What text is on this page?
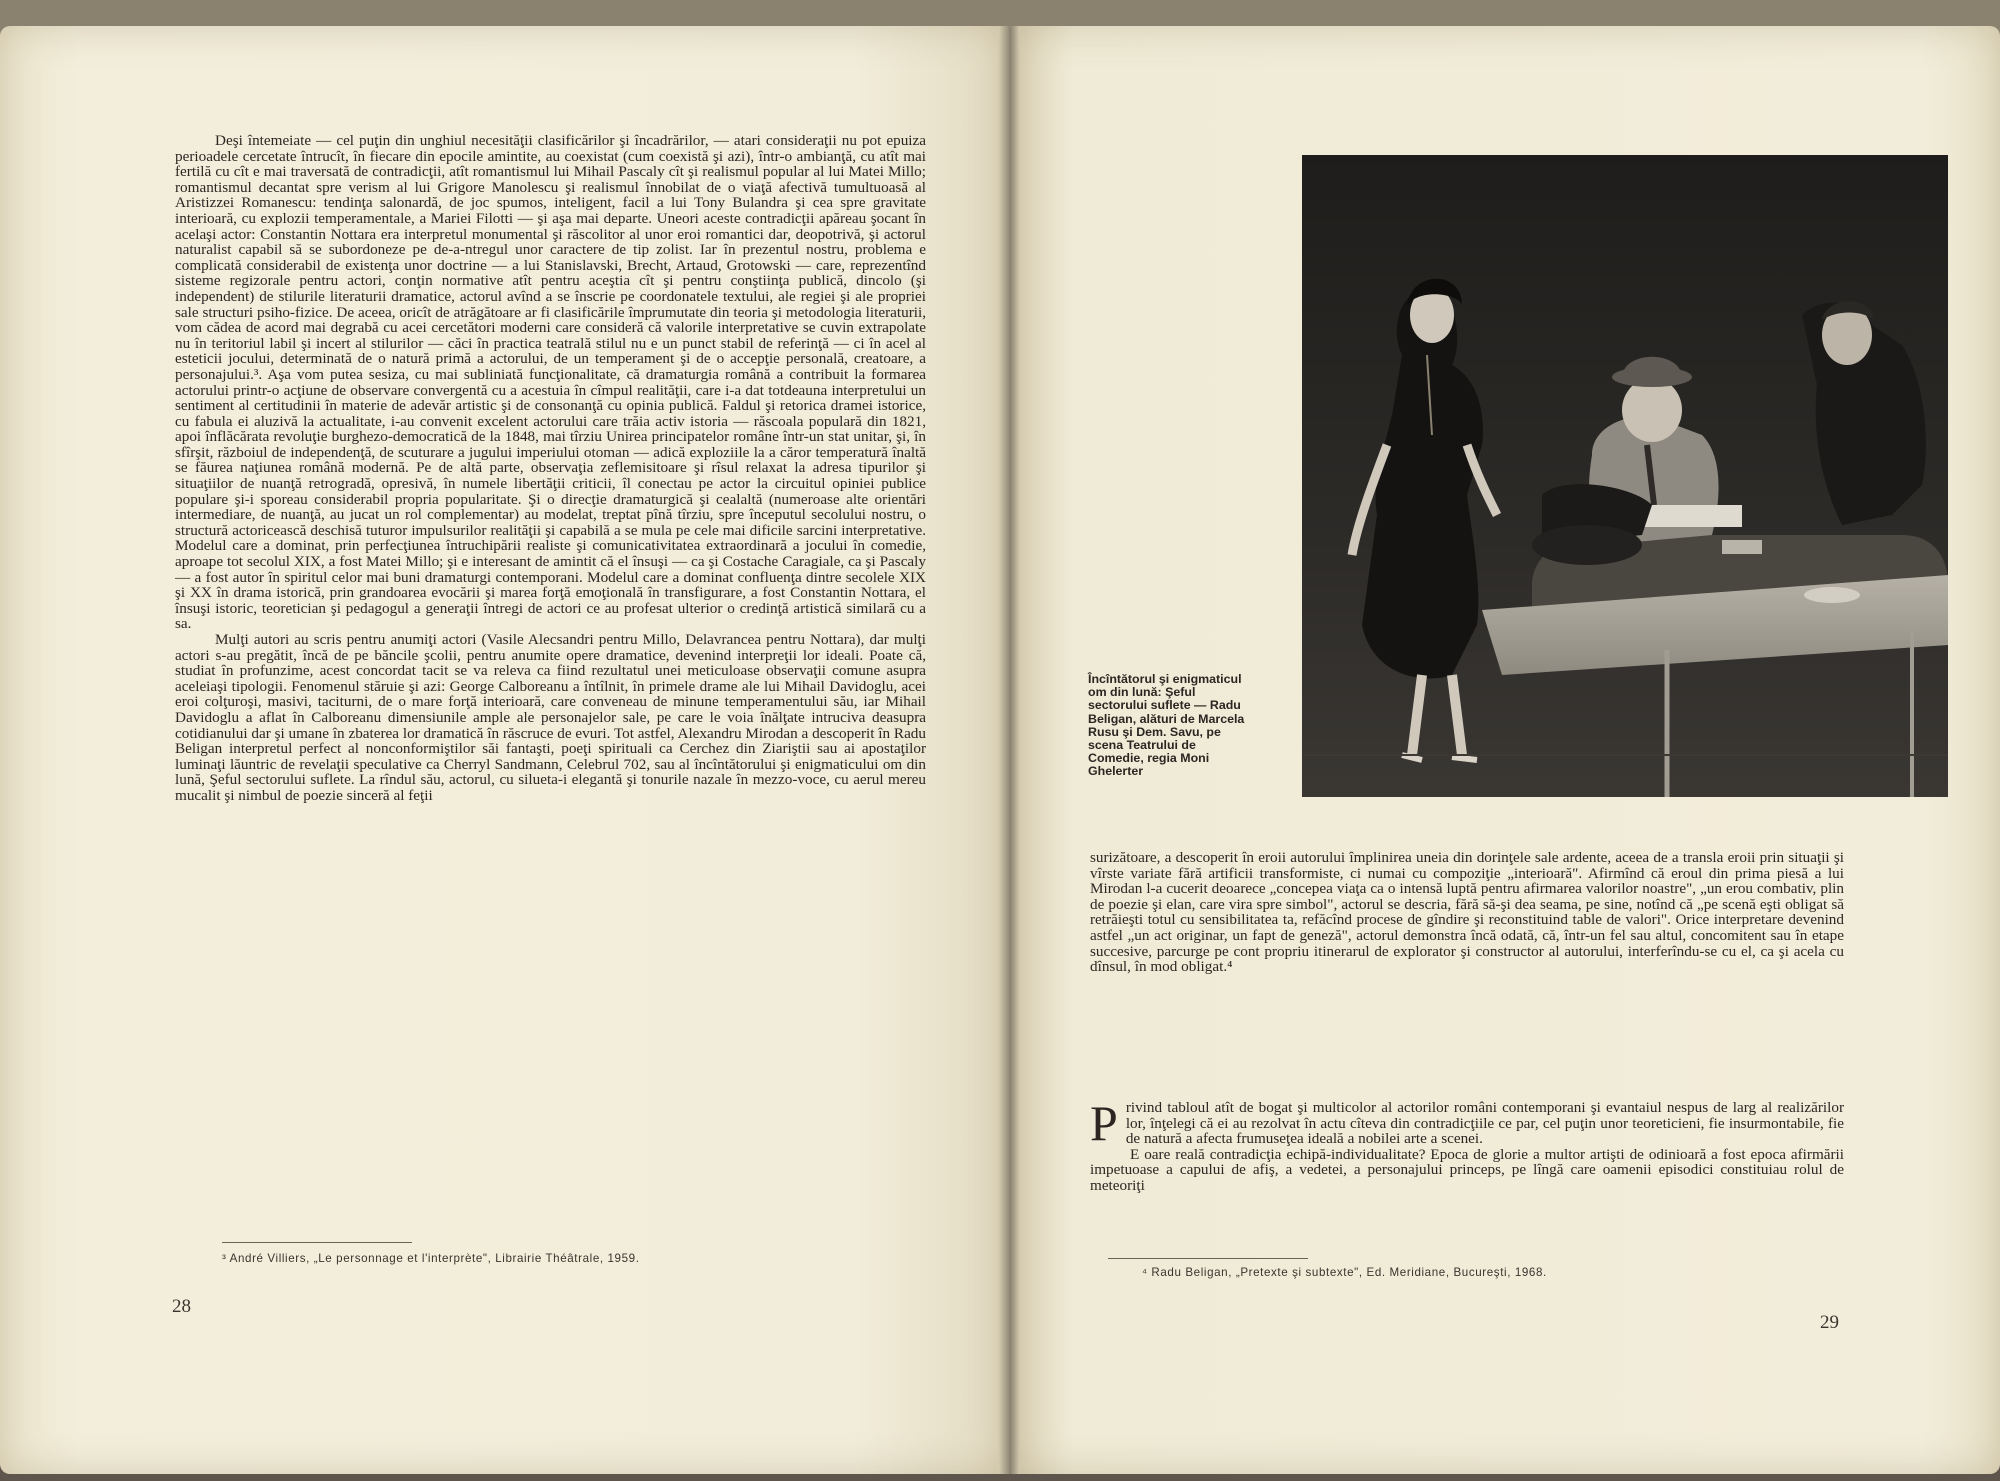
Deşi întemeiate — cel puţin din unghiul necesităţii clasificărilor şi încadrărilor, — atari consideraţii nu pot epuiza perioadele cercetate întrucît, în fiecare din epocile amintite, au coexistat (cum coexistă şi azi), într-o ambianţă, cu atît mai fertilă cu cît e mai traversată de contradicţii, atît romantismul lui Mihail Pascaly cît şi realismul popular al lui Matei Millo; romantismul decantat spre verism al lui Grigore Manolescu şi realismul înnobilat de o viaţă afectivă tumultuoasă al Aristizzei Romanescu: tendinţa salonardă, de joc spumos, inteligent, facil a lui Tony Bulandra şi cea spre gravitate interioară, cu explozii temperamentale, a Mariei Filotti — şi aşa mai departe. Uneori aceste contradicţii apăreau şocant în acelaşi actor: Constantin Nottara era interpretul monumental şi răscolitor al unor eroi romantici dar, deopotrivă, şi actorul naturalist capabil să se subordoneze pe de-a-ntregul unor caractere de tip zolist. Iar în prezentul nostru, problema e complicată considerabil de existenţa unor doctrine — a lui Stanislavski, Brecht, Artaud, Grotowski — care, reprezentînd sisteme regizorale pentru actori, conţin normative atît pentru aceştia cît şi pentru conştiinţa publică, dincolo (şi independent) de stilurile literaturii dramatice, actorul avînd a se înscrie pe coordonatele textului, ale regiei şi ale propriei sale structuri psiho-fizice. De aceea, oricît de atrăgătoare ar fi clasificările împrumutate din teoria şi metodologia literaturii, vom cădea de acord mai degrabă cu acei cercetători moderni care consideră că valorile interpretative se cuvin extrapolate nu în teritoriul labil şi incert al stilurilor — căci în practica teatrală stilul nu e un punct stabil de referinţă — ci în acel al esteticii jocului, determinată de o natură primă a actorului, de un temperament şi de o accepţie personală, creatoare, a personajului.³. Aşa vom putea sesiza, cu mai subliniată funcţionalitate, că dramaturgia română a contribuit la formarea actorului printr-o acţiune de observare convergentă cu a acestuia în cîmpul realităţii, care i-a dat totdeauna interpretului un sentiment al certitudinii în materie de adevăr artistic şi de consonanţă cu opinia publică. Faldul şi retorica dramei istorice, cu fabula ei aluzivă la actualitate, i-au convenit excelent actorului care trăia activ istoria — răscoala populară din 1821, apoi înflăcărata revoluţie burghezo-democratică de la 1848, mai tîrziu Unirea principatelor române într-un stat unitar, şi, în sfîrşit, războiul de independenţă, de scuturare a jugului imperiului otoman — adică exploziile la a căror temperatură înaltă se făurea naţiunea română modernă. Pe de altă parte, observaţia zeflemisitoare şi rîsul relaxat la adresa tipurilor şi situaţiilor de nuanţă retrogradă, opresivă, în numele libertăţii criticii, îl conectau pe actor la circuitul opiniei publice populare şi-i sporeau considerabil propria popularitate. Şi o direcţie dramaturgică şi cealaltă (numeroase alte orientări intermediare, de nuanţă, au jucat un rol complementar) au modelat, treptat pînă tîrziu, spre începutul secolului nostru, o structură actoricească deschisă tuturor impulsurilor realităţii şi capabilă a se mula pe cele mai dificile sarcini interpretative. Modelul care a dominat, prin perfecţiunea întruchipării realiste şi comunicativitatea extraordinară a jocului în comedie, aproape tot secolul XIX, a fost Matei Millo; şi e interesant de amintit că el însuşi — ca şi Costache Caragiale, ca şi Pascaly — a fost autor în spiritul celor mai buni dramaturgi contemporani. Modelul care a dominat confluenţa dintre secolele XIX şi XX în drama istorică, prin grandoarea evocării şi marea forţă emoţională în transfigurare, a fost Constantin Nottara, el însuşi istoric, teoretician şi pedagogul a generaţii întregi de actori ce au profesat ulterior o credinţă artistică similară cu a sa.

Mulţi autori au scris pentru anumiţi actori (Vasile Alecsandri pentru Millo, Delavrancea pentru Nottara), dar mulţi actori s-au pregătit, încă de pe băncile şcolii, pentru anumite opere dramatice, devenind interpreţii lor ideali. Poate că, studiat în profunzime, acest concordat tacit se va releva ca fiind rezultatul unei meticuloase observaţii comune asupra aceleiaşi tipologii. Fenomenul stăruie şi azi: George Calboreanu a întîlnit, în primele drame ale lui Mihail Davidoglu, acei eroi colţuroşi, masivi, taciturni, de o mare forţă interioară, care conveneau de minune temperamentului său, iar Mihail Davidoglu a aflat în Calboreanu dimensiunile ample ale personajelor sale, pe care le voia înălţate intruciva deasupra cotidianului dar şi umane în zbaterea lor dramatică în răscruce de evuri. Tot astfel, Alexandru Mirodan a descoperit în Radu Beligan interpretul perfect al nonconformiştilor săi fantaşti, poeţi spirituali ca Cerchez din Ziariştii sau ai apostaţilor luminaţi lăuntric de revelaţii speculative ca Cherryl Sandmann, Celebrul 702, sau al încîntătorului şi enigmaticului om din lună, Şeful sectorului suflete. La rîndul său, actorul, cu silueta-i elegantă şi tonurile nazale în mezzo-voce, cu aerul mereu mucalit şi nimbul de poezie sinceră al feţii

³ André Villiers, „Le personnage et l'interprète", Librairie Théâtrale, 1959.
28
Încîntătorul şi enigmaticul om din lună: Şeful sectorului suflete — Radu Beligan, alături de Marcela Rusu şi Dem. Savu, pe scena Teatrului de Comedie, regia Moni Ghelerter

surizătoare, a descoperit în eroii autorului împlinirea uneia din dorinţele sale ardente, aceea de a transla eroii prin situaţii şi vîrste variate fără artificii transformiste, ci numai cu compoziţie „interioară". Afirmînd că eroul din prima piesă a lui Mirodan l-a cucerit deoarece „concepea viaţa ca o intensă luptă pentru afirmarea valorilor noastre", „un erou combativ, plin de poezie şi elan, care vira spre simbol", actorul se descria, fără să-şi dea seama, pe sine, notînd că „pe scenă eşti obligat să retrăieşti totul cu sensibilitatea ta, refăcînd procese de gîndire şi reconstituind table de valori". Orice interpretare devenind astfel „un act originar, un fapt de geneză", actorul demonstra încă odată, că, într-un fel sau altul, concomitent sau în etape succesive, parcurge pe cont propriu itinerarul de explorator şi constructor al autorului, interferîndu-se cu el, ca şi acela cu dînsul, în mod obligat.⁴

Privind tabloul atît de bogat şi multicolor al actorilor români contemporani şi evantaiul nespus de larg al realizărilor lor, înţelegi că ei au rezolvat în actu cîteva din contradicţiile ce par, cel puţin unor teoreticieni, fie insurmontabile, fie de natură a afecta frumuseţea ideală a nobilei arte a scenei.

E oare reală contradicţia echipă-individualitate? Epoca de glorie a multor artişti de odinioară a fost epoca afirmării impetuoase a capului de afiş, a vedetei, a personajului princeps, pe lîngă care oamenii episodici constituiau rolul de meteoriţi

⁴ Radu Beligan, „Pretexte şi subtexte", Ed. Meridiane, Bucureşti, 1968.
29
